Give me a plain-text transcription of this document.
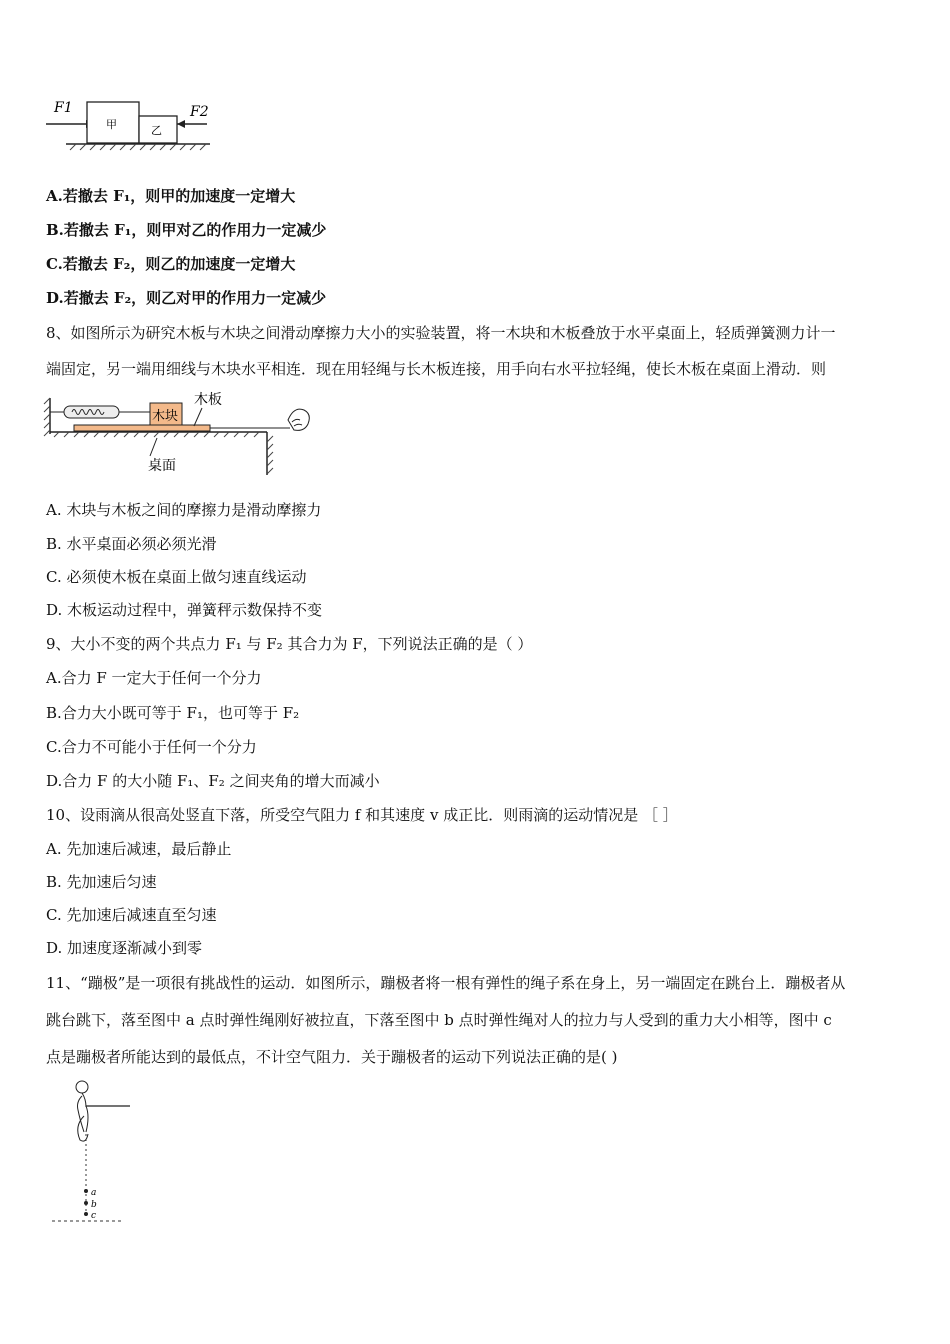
F1
甲	乙
F2
A.若撤去 F₁，则甲的加速度一定增大
B.若撤去 F₁，则甲对乙的作用力一定减少
C.若撤去 F₂，则乙的加速度一定增大
D.若撤去 F₂，则乙对甲的作用力一定减少
8、如图所示为研究木板与木块之间滑动摩擦力大小的实验装置，将一木块和木板叠放于水平桌面上，轻质弹簧测力计一
端固定，另一端用细线与木块水平相连．现在用轻绳与长木板连接，用手向右水平拉轻绳，使长木板在桌面上滑动．则
木块
木板
桌面
A. 木块与木板之间的摩擦力是滑动摩擦力
B. 水平桌面必须必须光滑
C. 必须使木板在桌面上做匀速直线运动
D. 木板运动过程中，弹簧秤示数保持不变
9、大小不变的两个共点力 F₁ 与 F₂ 其合力为 F，下列说法正确的是（ ）
A.合力 F 一定大于任何一个分力
B.合力大小既可等于 F₁，也可等于 F₂
C.合力不可能小于任何一个分力
D.合力 F 的大小随 F₁、F₂ 之间夹角的增大而减小
10、设雨滴从很高处竖直下落，所受空气阻力 f 和其速度 v 成正比．则雨滴的运动情况是 ［ ］
A. 先加速后减速，最后静止
B. 先加速后匀速
C. 先加速后减速直至匀速
D. 加速度逐渐减小到零
11、“蹦极”是一项很有挑战性的运动．如图所示，蹦极者将一根有弹性的绳子系在身上，另一端固定在跳台上．蹦极者从
跳台跳下，落至图中 a 点时弹性绳刚好被拉直，下落至图中 b 点时弹性绳对人的拉力与人受到的重力大小相等，图中 c
点是蹦极者所能达到的最低点，不计空气阻力．关于蹦极者的运动下列说法正确的是( )
a
b
c
